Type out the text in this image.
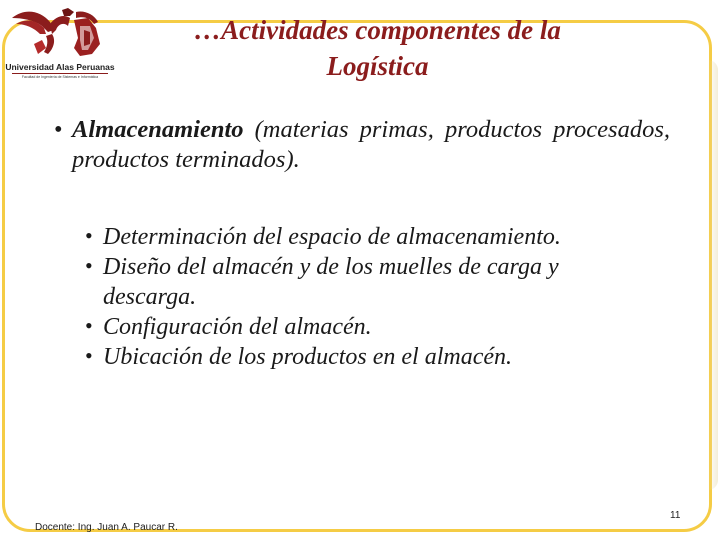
Universidad Alas Peruanas
Facultad de Ingeniería de Sistemas e Informática
…Actividades componentes de la
Logística
• Almacenamiento (materias primas, productos procesados, productos terminados).
• Determinación del espacio de almacenamiento.
• Diseño del almacén y de los muelles de carga y descarga.
• Configuración del almacén.
• Ubicación de los productos en el almacén.
Docente: Ing. Juan A. Paucar R.
11
